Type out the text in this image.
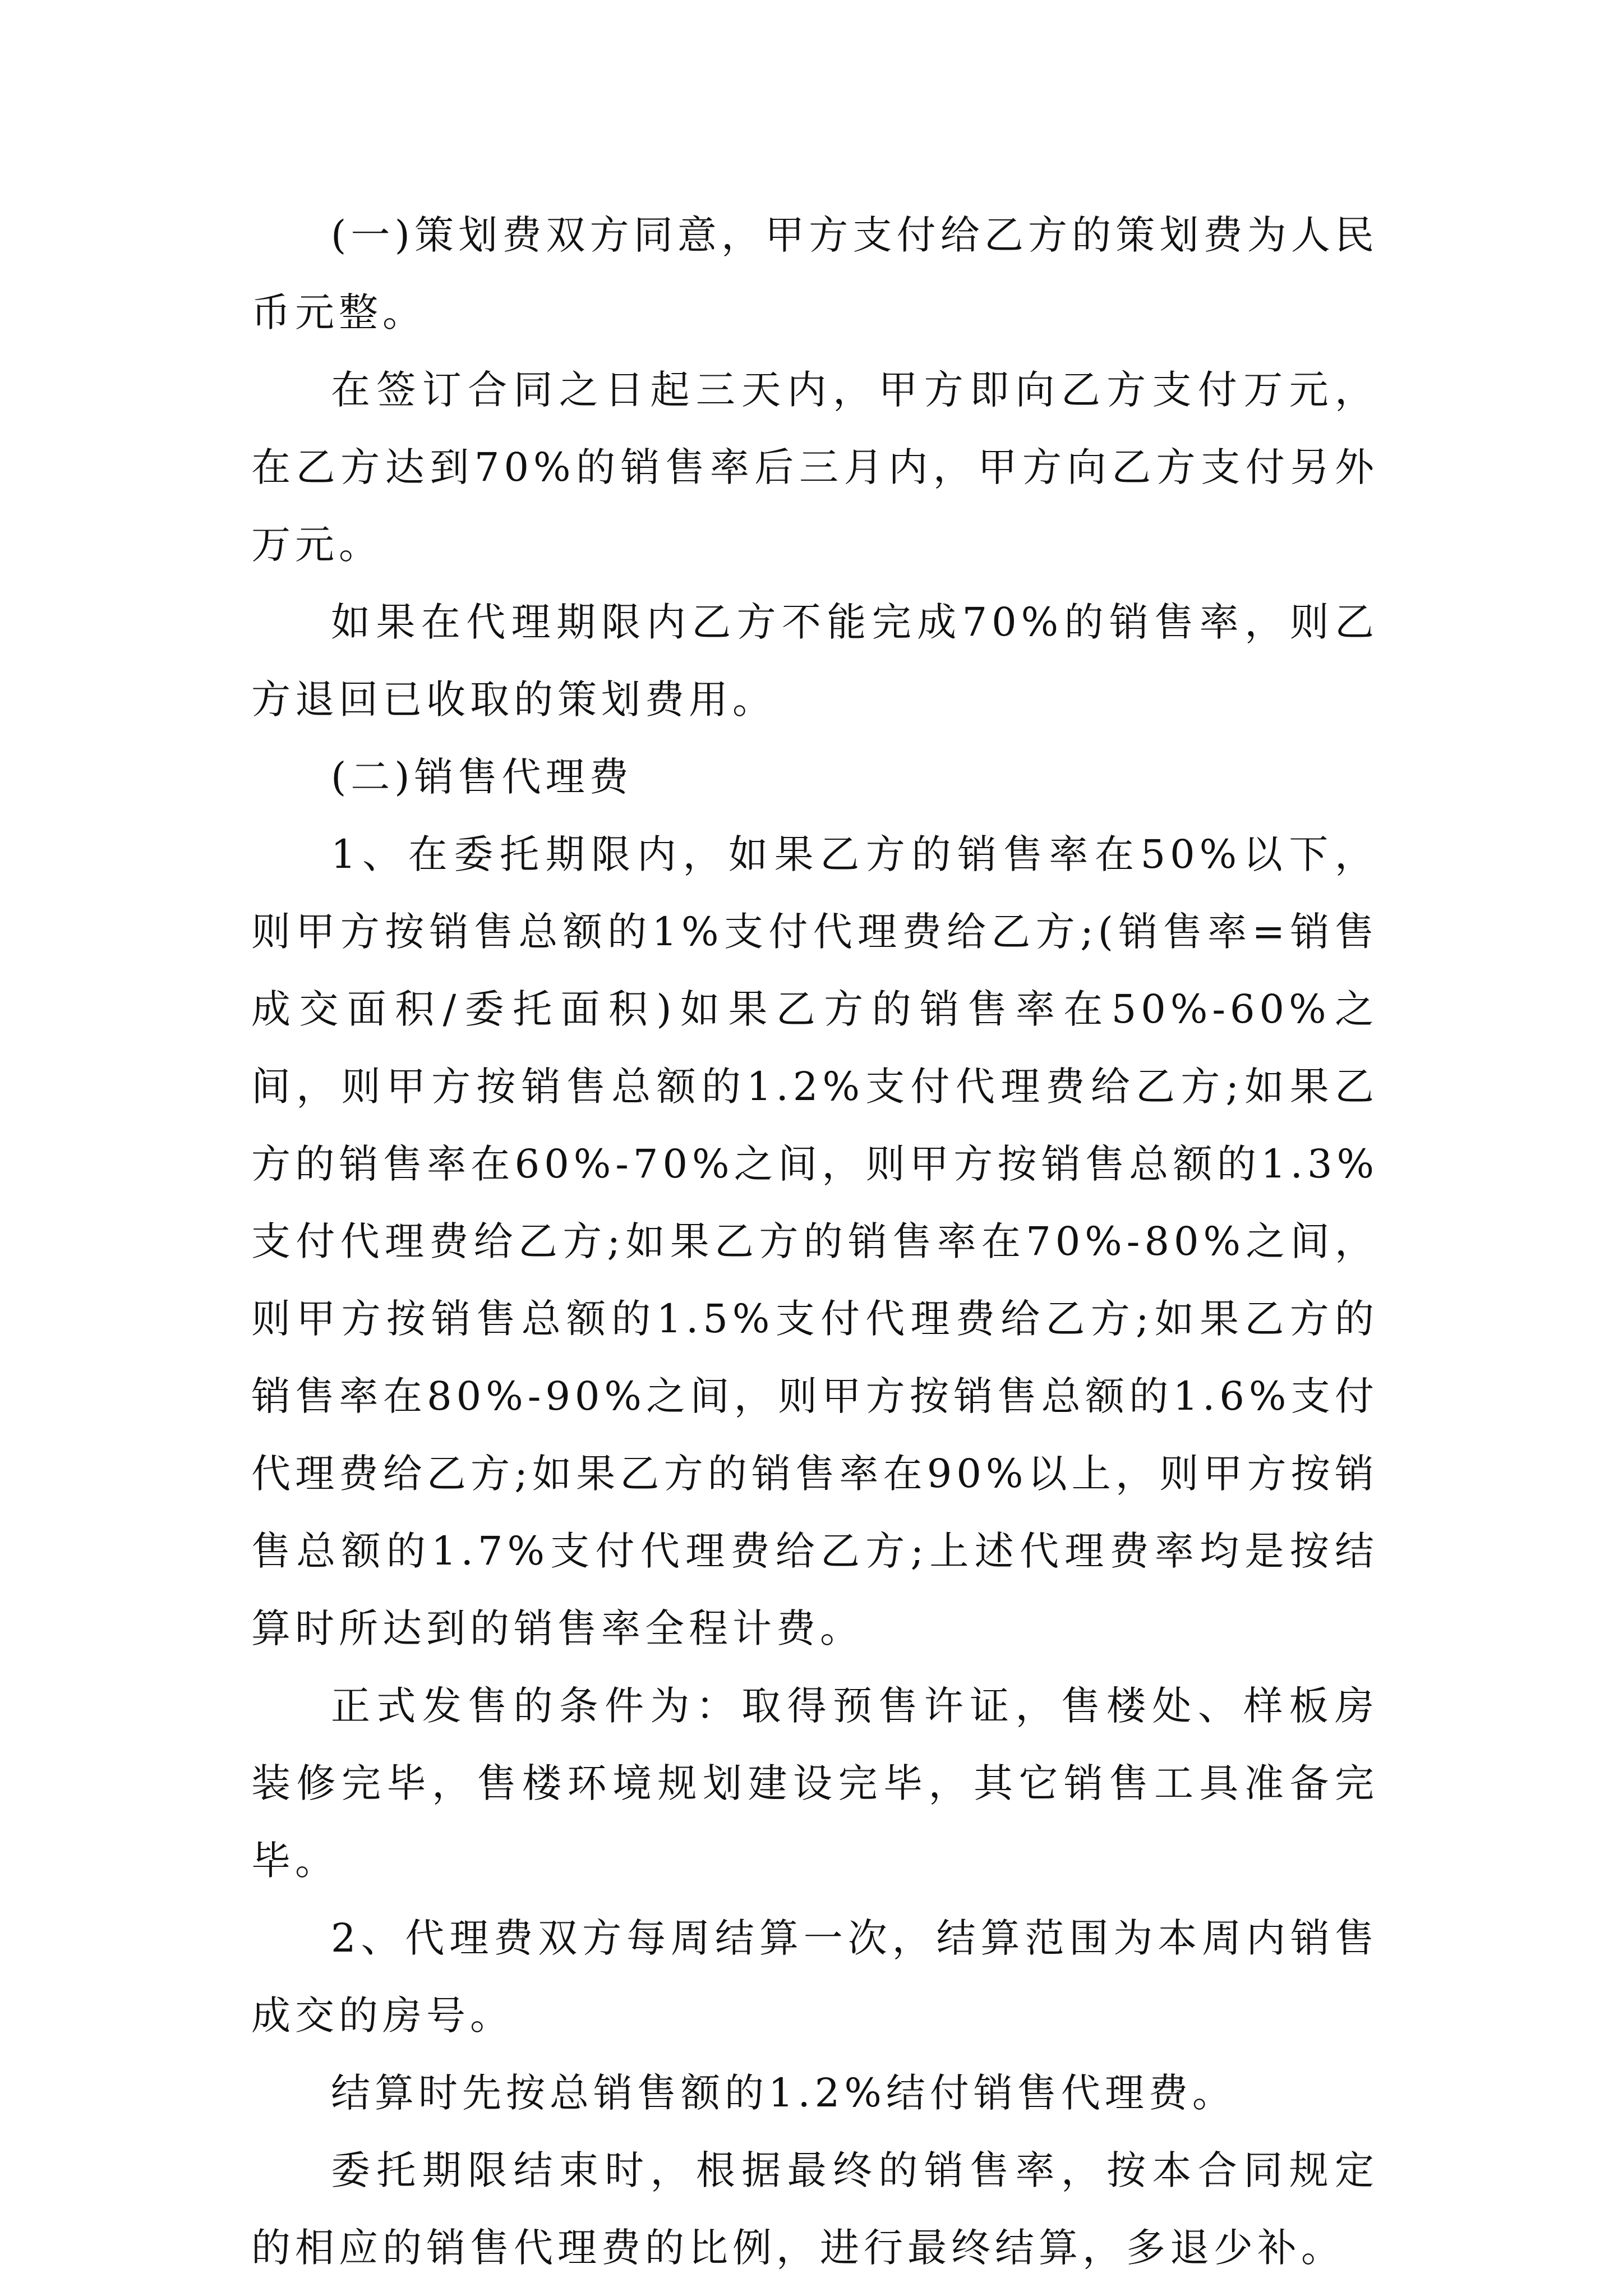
(一)策划费双方同意，甲方支付给乙方的策划费为人民币元整。

在签订合同之日起三天内，甲方即向乙方支付万元，在乙方达到70%的销售率后三月内，甲方向乙方支付另外万元。

如果在代理期限内乙方不能完成70%的销售率，则乙方退回已收取的策划费用。

(二)销售代理费

1、在委托期限内，如果乙方的销售率在50%以下，则甲方按销售总额的1%支付代理费给乙方;(销售率=销售成交面积/委托面积)如果乙方的销售率在50%-60%之间，则甲方按销售总额的1.2%支付代理费给乙方;如果乙方的销售率在60%-70%之间，则甲方按销售总额的1.3%支付代理费给乙方;如果乙方的销售率在70%-80%之间，则甲方按销售总额的1.5%支付代理费给乙方;如果乙方的销售率在80%-90%之间，则甲方按销售总额的1.6%支付代理费给乙方;如果乙方的销售率在90%以上，则甲方按销售总额的1.7%支付代理费给乙方;上述代理费率均是按结算时所达到的销售率全程计费。

正式发售的条件为：取得预售许证，售楼处、样板房装修完毕，售楼环境规划建设完毕，其它销售工具准备完毕。

2、代理费双方每周结算一次，结算范围为本周内销售成交的房号。

结算时先按总销售额的1.2%结付销售代理费。

委托期限结束时，根据最终的销售率，按本合同规定的相应的销售代理费的比例，进行最终结算，多退少补。
